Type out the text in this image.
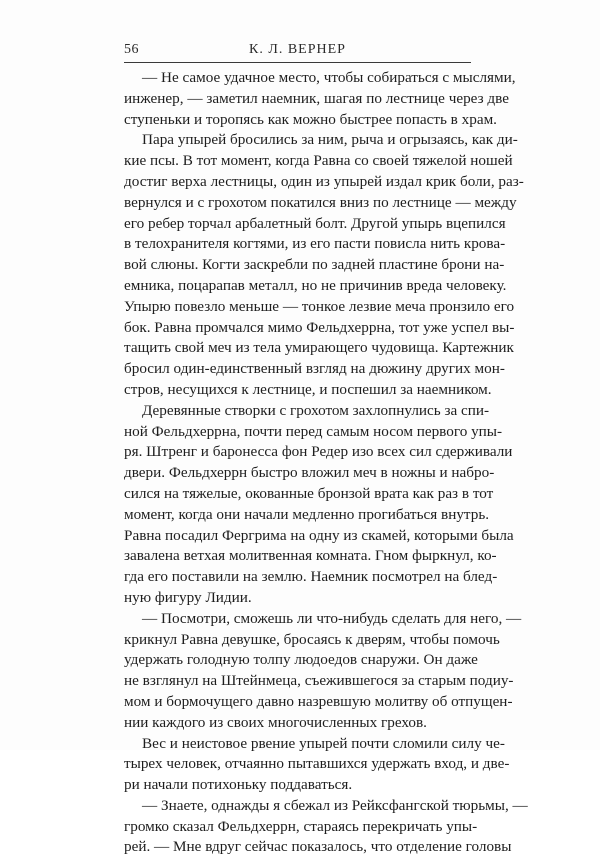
56	К. Л. ВЕРНЕР
— Не самое удачное место, чтобы собираться с мыслями,
инженер, — заметил наемник, шагая по лестнице через две
ступеньки и торопясь как можно быстрее попасть в храм.
Пара упырей бросились за ним, рыча и огрызаясь, как ди-
кие псы. В тот момент, когда Равна со своей тяжелой ношей
достиг верха лестницы, один из упырей издал крик боли, раз-
вернулся и с грохотом покатился вниз по лестнице — между
его ребер торчал арбалетный болт. Другой упырь вцепился
в телохранителя когтями, из его пасти повисла нить крова-
вой слюны. Когти заскребли по задней пластине брони на-
емника, поцарапав металл, но не причинив вреда человеку.
Упырю повезло меньше — тонкое лезвие меча пронзило его
бок. Равна промчался мимо Фельдхеррна, тот уже успел вы-
тащить свой меч из тела умирающего чудовища. Картежник
бросил один-единственный взгляд на дюжину других мон-
стров, несущихся к лестнице, и поспешил за наемником.
Деревянные створки с грохотом захлопнулись за спи-
ной Фельдхеррна, почти перед самым носом первого упы-
ря. Штренг и баронесса фон Редер изо всех сил сдерживали
двери. Фельдхеррн быстро вложил меч в ножны и набро-
сился на тяжелые, окованные бронзой врата как раз в тот
момент, когда они начали медленно прогибаться внутрь.
Равна посадил Фергрима на одну из скамей, которыми была
завалена ветхая молитвенная комната. Гном фыркнул, ко-
гда его поставили на землю. Наемник посмотрел на блед-
ную фигуру Лидии.
— Посмотри, сможешь ли что-нибудь сделать для него, —
крикнул Равна девушке, бросаясь к дверям, чтобы помочь
удержать голодную толпу людоедов снаружи. Он даже
не взглянул на Штейнмеца, съежившегося за старым подиу-
мом и бормочущего давно назревшую молитву об отпущен-
нии каждого из своих многочисленных грехов.
Вес и неистовое рвение упырей почти сломили силу че-
тырех человек, отчаянно пытавшихся удержать вход, и две-
ри начали потихоньку поддаваться.
— Знаете, однажды я сбежал из Рейксфангской тюрьмы, —
громко сказал Фельдхеррн, стараясь перекричать упы-
рей. — Мне вдруг сейчас показалось, что отделение головы
